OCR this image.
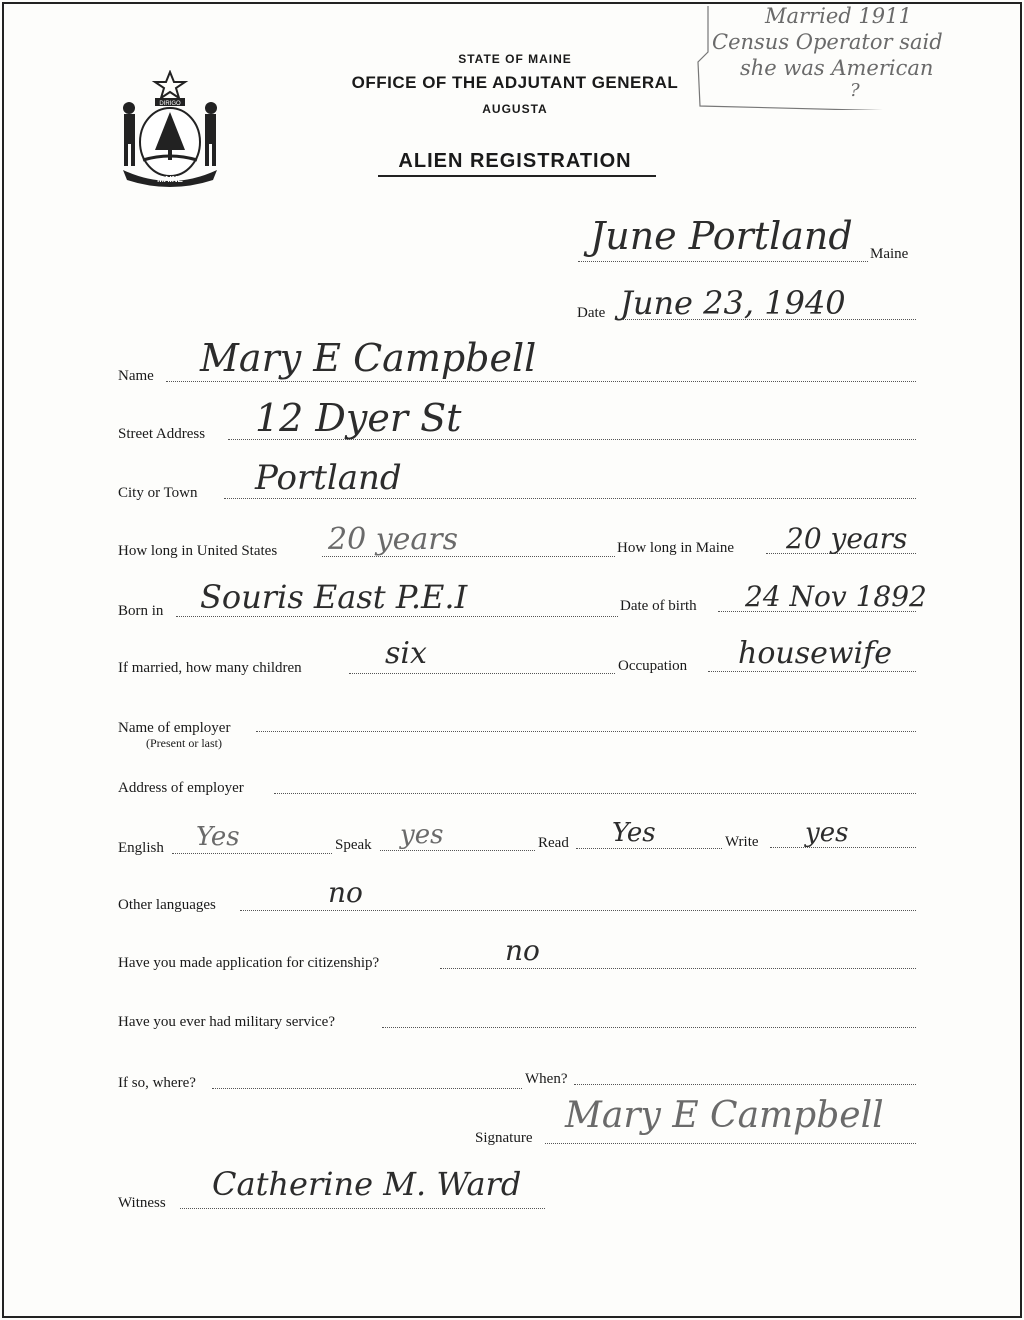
DIRIGO
MAINE
STATE OF MAINE
OFFICE OF THE ADJUTANT GENERAL
AUGUSTA
ALIEN REGISTRATION
Married 1911
Census Operator said
she was American
?
June Portland Maine
Date June 23, 1940
Name Mary E Campbell
Street Address 12 Dyer St
City or Town Portland
How long in United States 20 years	How long in Maine 20 years
Born in Souris East P.E.I	Date of birth 24 Nov 1892
If married, how many children	six	Occupation housewife
Name of employer
(Present or last)
Address of employer
English Yes	Speak yes	Read Yes	Write yes
Other languages	no
Have you made application for citizenship?	no
Have you ever had military service?
If so, where?	When?
Signature
Mary E Campbell
Witness Catherine M. Ward
